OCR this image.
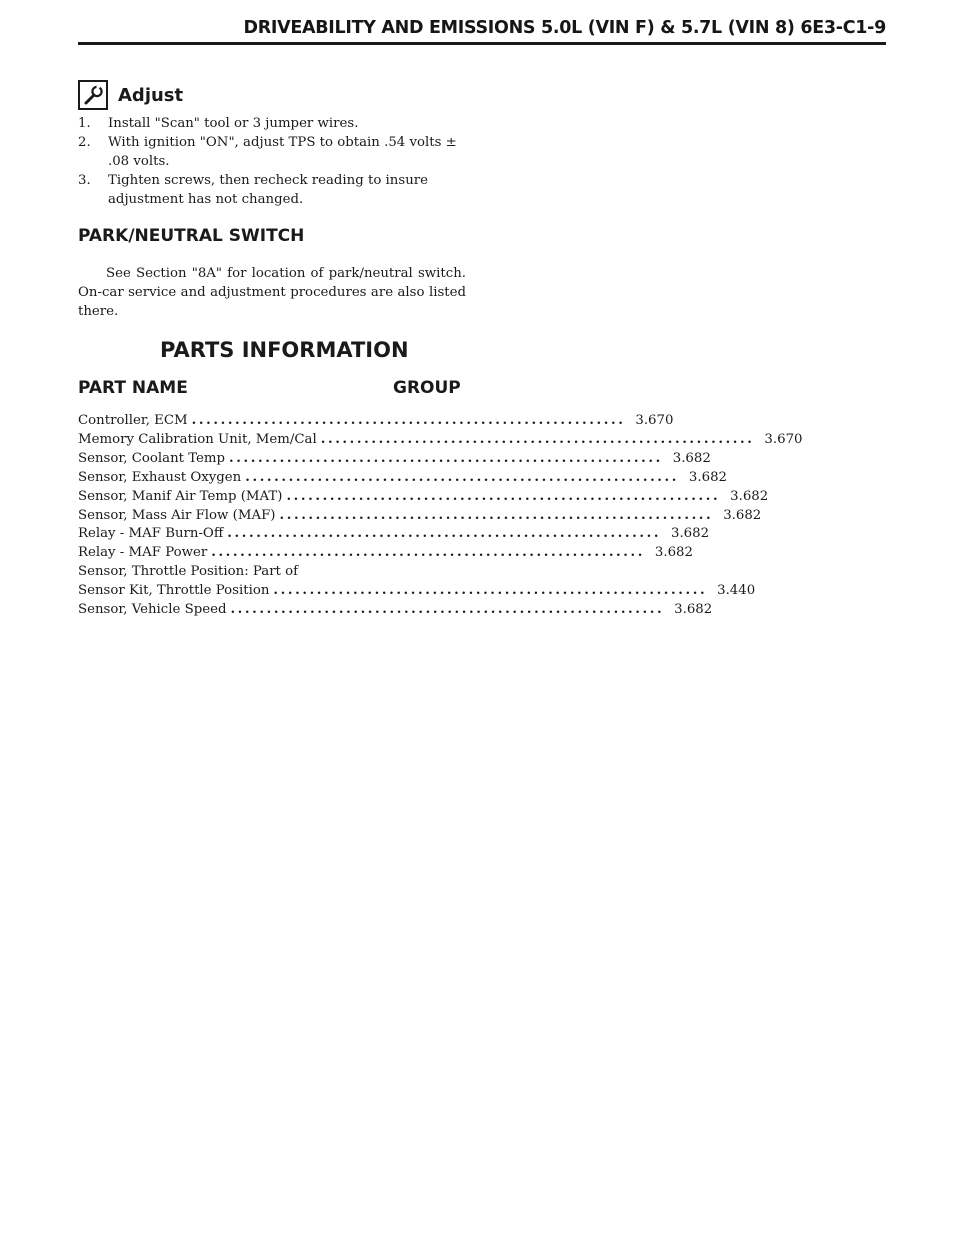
DRIVEABILITY AND EMISSIONS 5.0L (VIN F) & 5.7L (VIN 8) 6E3-C1-9
Adjust
1. Install "Scan" tool or 3 jumper wires.
2. With ignition "ON", adjust TPS to obtain .54 volts ± .08 volts.
3. Tighten screws, then recheck reading to insure adjustment has not changed.
PARK/NEUTRAL SWITCH
See Section "8A" for location of park/neutral switch. On-car service and adjustment procedures are also listed there.
PARTS INFORMATION
PART NAME	GROUP
Controller, ECM ............................................................ 3.670
Memory Calibration Unit, Mem/Cal ............................................................ 3.670
Sensor, Coolant Temp ............................................................ 3.682
Sensor, Exhaust Oxygen ............................................................ 3.682
Sensor, Manif Air Temp (MAT) ............................................................ 3.682
Sensor, Mass Air Flow (MAF) ............................................................ 3.682
Relay - MAF Burn-Off ............................................................ 3.682
Relay - MAF Power ............................................................ 3.682
Sensor, Throttle Position: Part of
Sensor Kit, Throttle Position ............................................................ 3.440
Sensor, Vehicle Speed ............................................................ 3.682
